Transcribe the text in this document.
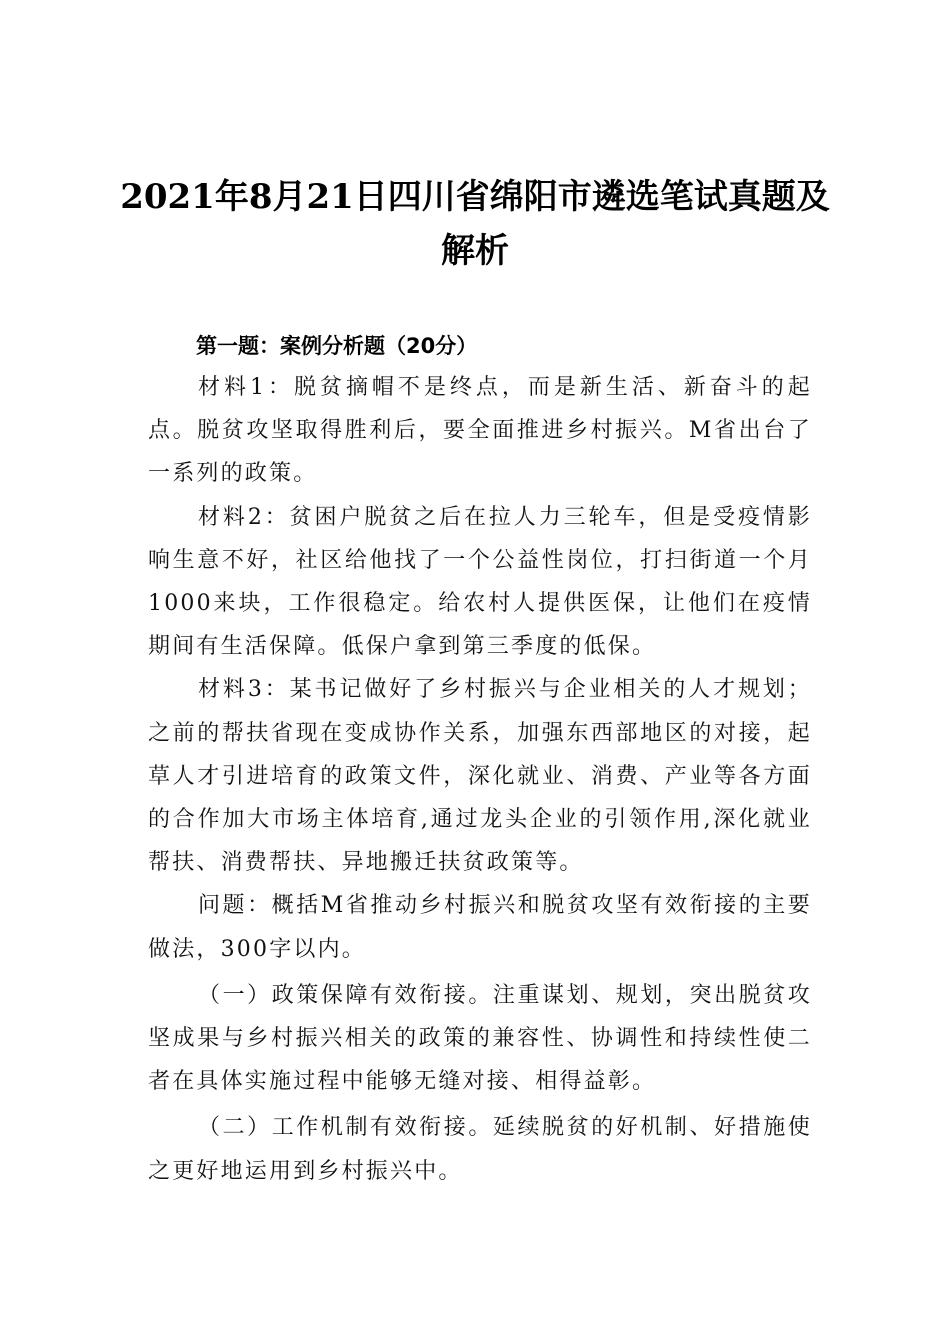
2021年8月21日四川省绵阳市遴选笔试真题及解析

第一题：案例分析题（20分）

材料1：脱贫摘帽不是终点，而是新生活、新奋斗的起点。脱贫攻坚取得胜利后，要全面推进乡村振兴。M省出台了一系列的政策。

材料2：贫困户脱贫之后在拉人力三轮车，但是受疫情影响生意不好，社区给他找了一个公益性岗位，打扫街道一个月1000来块，工作很稳定。给农村人提供医保，让他们在疫情期间有生活保障。低保户拿到第三季度的低保。

材料3：某书记做好了乡村振兴与企业相关的人才规划；之前的帮扶省现在变成协作关系，加强东西部地区的对接，起草人才引进培育的政策文件，深化就业、消费、产业等各方面的合作加大市场主体培育,通过龙头企业的引领作用,深化就业帮扶、消费帮扶、异地搬迁扶贫政策等。

问题：概括M省推动乡村振兴和脱贫攻坚有效衔接的主要做法，300字以内。

（一）政策保障有效衔接。注重谋划、规划，突出脱贫攻坚成果与乡村振兴相关的政策的兼容性、协调性和持续性使二者在具体实施过程中能够无缝对接、相得益彰。

（二）工作机制有效衔接。延续脱贫的好机制、好措施使之更好地运用到乡村振兴中。
